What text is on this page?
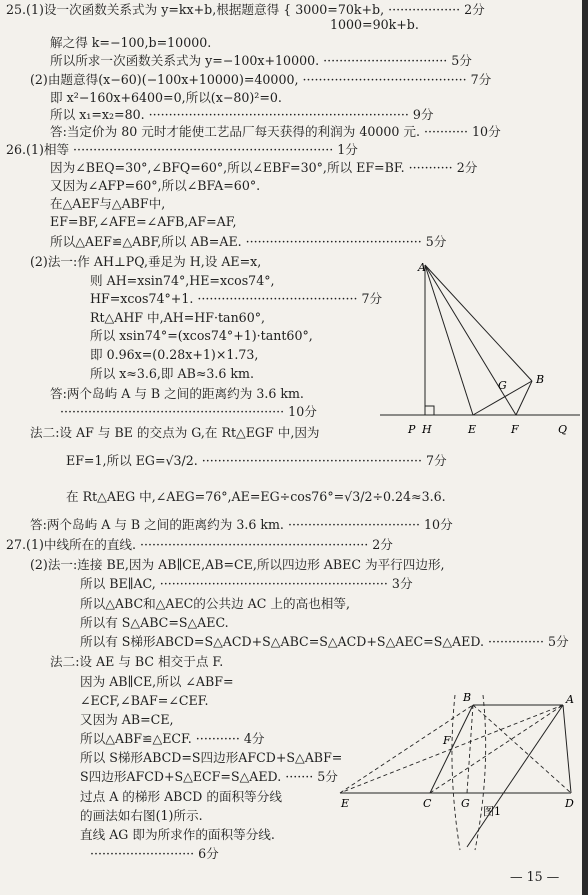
25.(1)设一次函数关系式为 y=kx+b,根据题意得 { 3000=70k+b, ·················· 2分
1000=90k+b.
解之得 k=−100,b=10000.
所以所求一次函数关系式为 y=−100x+10000. ······························· 5分
(2)由题意得(x−60)(−100x+10000)=40000, ········································· 7分
即 x²−160x+6400=0,所以(x−80)²=0.
所以 x₁=x₂=80. ································································· 9分
答:当定价为 80 元时才能使工艺品厂每天获得的利润为 40000 元. ··········· 10分
26.(1)相等 ································································· 1分
因为∠BEQ=30°,∠BFQ=60°,所以∠EBF=30°,所以 EF=BF. ··········· 2分
又因为∠AFP=60°,所以∠BFA=60°.
在△AEF与△ABF中,
EF=BF,∠AFE=∠AFB,AF=AF,
所以△AEF≌△ABF,所以 AB=AE. ············································ 5分
(2)法一:作 AH⊥PQ,垂足为 H,设 AE=x,
则 AH=xsin74°,HE=xcos74°,
HF=xcos74°+1. ········································ 7分
Rt△AHF 中,AH=HF·tan60°,
所以 xsin74°=(xcos74°+1)·tant60°,
即 0.96x=(0.28x+1)×1.73,
所以 x≈3.6,即 AB≈3.6 km.
答:两个岛屿 A 与 B 之间的距离约为 3.6 km.
························································ 10分
法二:设 AF 与 BE 的交点为 G,在 Rt△EGF 中,因为
EF=1,所以 EG=√3/2. ······················································· 7分
在 Rt△AEG 中,∠AEG=76°,AE=EG÷cos76°=√3/2÷0.24≈3.6.
答:两个岛屿 A 与 B 之间的距离约为 3.6 km. ································· 10分
27.(1)中线所在的直线. ························································· 2分
(2)法一:连接 BE,因为 AB∥CE,AB=CE,所以四边形 ABEC 为平行四边形,
所以 BE∥AC, ························································· 3分
所以△ABC和△AEC的公共边 AC 上的高也相等,
所以有 S△ABC=S△AEC.
所以有 S梯形ABCD=S△ACD+S△ABC=S△ACD+S△AEC=S△AED. ·············· 5分
法二:设 AE 与 BC 相交于点 F.
因为 AB∥CE,所以 ∠ABF=
∠ECF,∠BAF=∠CEF.
又因为 AB=CE,
所以△ABF≌△ECF. ··········· 4分
所以 S梯形ABCD=S四边形AFCD+S△ABF=
S四边形AFCD+S△ECF=S△AED. ······· 5分
过点 A 的梯形 ABCD 的面积等分线
的画法如右图(1)所示.
直线 AG 即为所求作的面积等分线.
·························· 6分
A
B
G
P H	E	F	Q
B	A
F
E	C	G	D
图1
— 15 —
